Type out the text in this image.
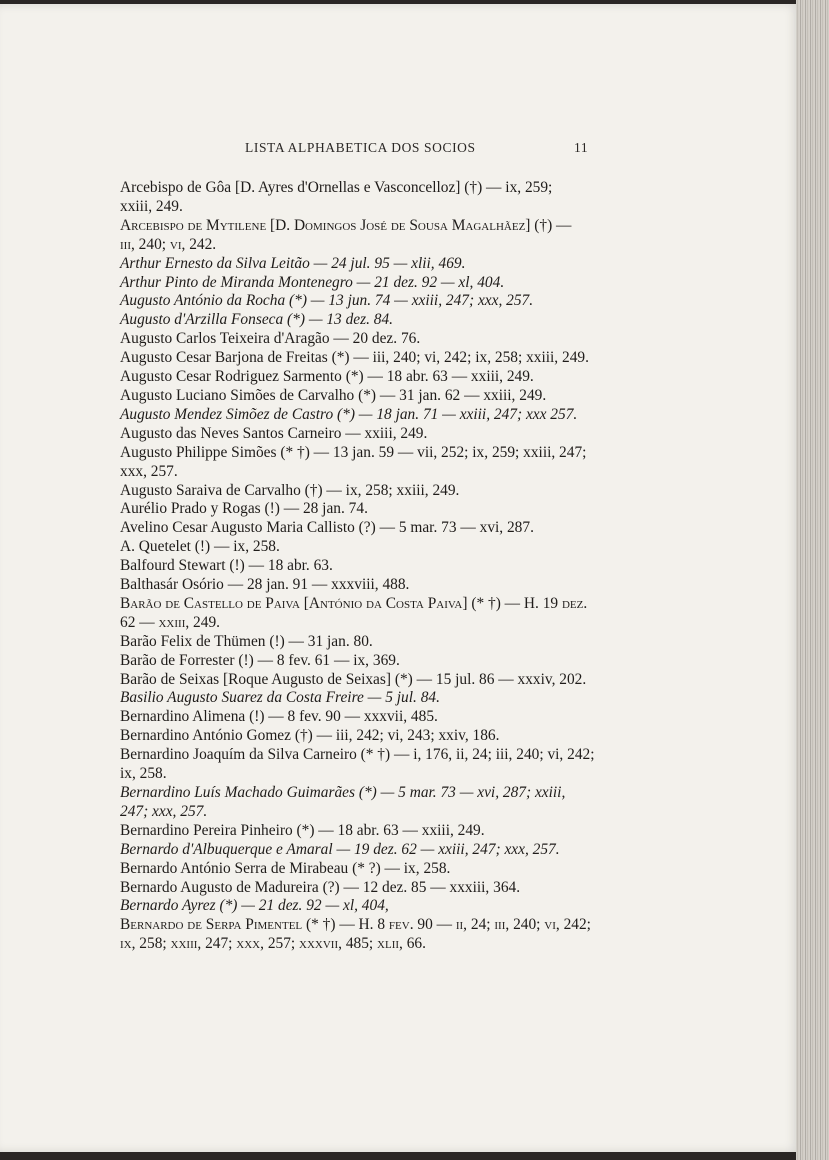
LISTA ALPHABETICA DOS SOCIOS	11
Arcebispo de Gôa [D. Ayres d'Ornellas e Vasconcelloz] (†) — ix, 259;
xxiii, 249.
Arcebispo de Mytilene [D. Domingos José de Sousa Magalhãez] (†) —
iii, 240; vi, 242.
Arthur Ernesto da Silva Leitão — 24 jul. 95 — xlii, 469.
Arthur Pinto de Miranda Montenegro — 21 dez. 92 — xl, 404.
Augusto António da Rocha (*) — 13 jun. 74 — xxiii, 247; xxx, 257.
Augusto d'Arzilla Fonseca (*) — 13 dez. 84.
Augusto Carlos Teixeira d'Aragão — 20 dez. 76.
Augusto Cesar Barjona de Freitas (*) — iii, 240; vi, 242; ix, 258; xxiii, 249.
Augusto Cesar Rodriguez Sarmento (*) — 18 abr. 63 — xxiii, 249.
Augusto Luciano Simões de Carvalho (*) — 31 jan. 62 — xxiii, 249.
Augusto Mendez Simõez de Castro (*) — 18 jan. 71 — xxiii, 247; xxx 257.
Augusto das Neves Santos Carneiro — xxiii, 249.
Augusto Philippe Simões (* †) — 13 jan. 59 — vii, 252; ix, 259; xxiii, 247;
xxx, 257.
Augusto Saraiva de Carvalho (†) — ix, 258; xxiii, 249.
Aurélio Prado y Rogas (!) — 28 jan. 74.
Avelino Cesar Augusto Maria Callisto (?) — 5 mar. 73 — xvi, 287.
A. Quetelet (!) — ix, 258.
Balfourd Stewart (!) — 18 abr. 63.
Balthasár Osório — 28 jan. 91 — xxxviii, 488.
Barão de Castello de Paiva [António da Costa Paiva] (* †) — H. 19 dez.
62 — xxiii, 249.
Barão Felix de Thümen (!) — 31 jan. 80.
Barão de Forrester (!) — 8 fev. 61 — ix, 369.
Barão de Seixas [Roque Augusto de Seixas] (*) — 15 jul. 86 — xxxiv, 202.
Basilio Augusto Suarez da Costa Freire — 5 jul. 84.
Bernardino Alimena (!) — 8 fev. 90 — xxxvii, 485.
Bernardino António Gomez (†) — iii, 242; vi, 243; xxiv, 186.
Bernardino Joaquím da Silva Carneiro (* †) — i, 176, ii, 24; iii, 240; vi, 242;
ix, 258.
Bernardino Luís Machado Guimarães (*) — 5 mar. 73 — xvi, 287; xxiii,
247; xxx, 257.
Bernardino Pereira Pinheiro (*) — 18 abr. 63 — xxiii, 249.
Bernardo d'Albuquerque e Amaral — 19 dez. 62 — xxiii, 247; xxx, 257.
Bernardo António Serra de Mirabeau (* ?) — ix, 258.
Bernardo Augusto de Madureira (?) — 12 dez. 85 — xxxiii, 364.
Bernardo Ayrez (*) — 21 dez. 92 — xl, 404,
Bernardo de Serpa Pimentel (* †) — H. 8 fev. 90 — ii, 24; iii, 240; vi, 242;
ix, 258; xxiii, 247; xxx, 257; xxxvii, 485; xlii, 66.
